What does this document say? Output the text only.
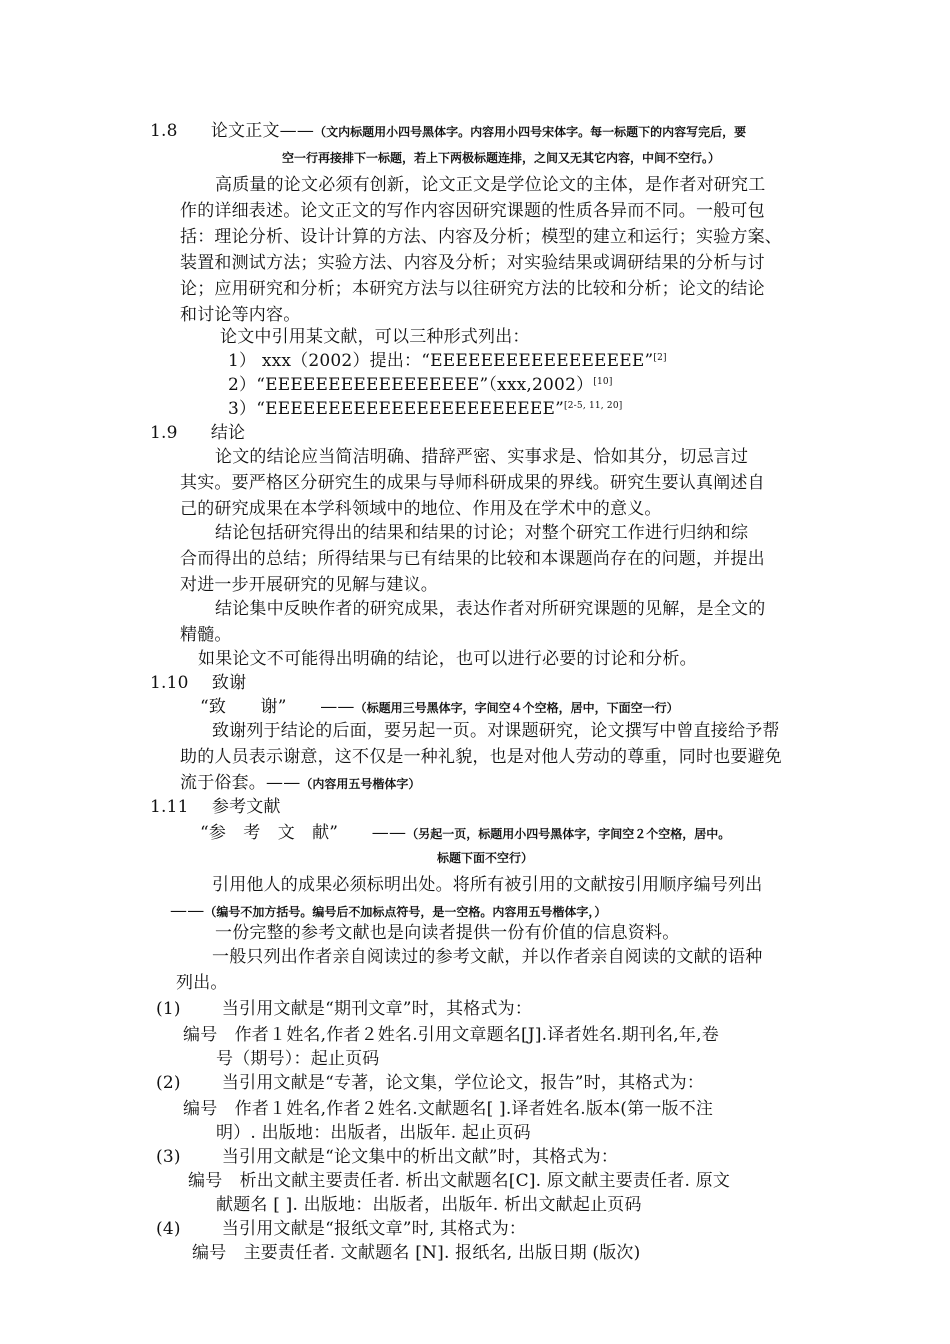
1.8 论文正文——（文内标题用小四号黑体字。内容用小四号宋体字。每一标题下的内容写完后，要
空一行再接排下一标题，若上下两极标题连排，之间又无其它内容，中间不空行。）
高质量的论文必须有创新，论文正文是学位论文的主体，是作者对研究工
作的详细表述。论文正文的写作内容因研究课题的性质各异而不同。一般可包
括：理论分析、设计计算的方法、内容及分析；模型的建立和运行；实验方案、
装置和测试方法；实验方法、内容及分析；对实验结果或调研结果的分析与讨
论；应用研究和分析；本研究方法与以往研究方法的比较和分析；论文的结论
和讨论等内容。
论文中引用某文献，可以三种形式列出：
1） xxx（2002）提出：“EEEEEEEEEEEEEEEEE”[2]
2）“EEEEEEEEEEEEEEEEE”（xxx,2002）[10]
3）“EEEEEEEEEEEEEEEEEEEEEEE”[2-5, 11, 20]
1.9 结论
论文的结论应当简洁明确、措辞严密、实事求是、恰如其分，切忌言过
其实。要严格区分研究生的成果与导师科研成果的界线。研究生要认真阐述自
己的研究成果在本学科领域中的地位、作用及在学术中的意义。
结论包括研究得出的结果和结果的讨论；对整个研究工作进行归纳和综
合而得出的总结；所得结果与已有结果的比较和本课题尚存在的问题，并提出
对进一步开展研究的见解与建议。
结论集中反映作者的研究成果，表达作者对所研究课题的见解，是全文的
精髓。
如果论文不可能得出明确的结论，也可以进行必要的讨论和分析。
1.10 致谢
“致　　谢” ——（标题用三号黑体字，字间空４个空格，居中，下面空一行）
致谢列于结论的后面，要另起一页。对课题研究，论文撰写中曾直接给予帮
助的人员表示谢意，这不仅是一种礼貌，也是对他人劳动的尊重，同时也要避免
流于俗套。——（内容用五号楷体字）
1.11 参考文献
“参　考　文　献” ——（另起一页，标题用小四号黑体字，字间空２个空格，居中。
标题下面不空行）
引用他人的成果必须标明出处。将所有被引用的文献按引用顺序编号列出
——（编号不加方括号。编号后不加标点符号，是一空格。内容用五号楷体字，）
一份完整的参考文献也是向读者提供一份有价值的信息资料。
一般只列出作者亲自阅读过的参考文献，并以作者亲自阅读的文献的语种
列出。
(1) 当引用文献是“期刊文章”时，其格式为：
编号　作者１姓名,作者２姓名.引用文章题名[J].译者姓名.期刊名,年,卷
号（期号）：起止页码
(2) 当引用文献是“专著，论文集，学位论文，报告”时，其格式为：
编号　作者１姓名,作者２姓名.文献题名[ ].译者姓名.版本(第一版不注
明）. 出版地：出版者，出版年. 起止页码
(3) 当引用文献是“论文集中的析出文献”时，其格式为：
编号　析出文献主要责任者. 析出文献题名[C]. 原文献主要责任者. 原文
献题名 [ ]. 出版地：出版者，出版年. 析出文献起止页码
(4) 当引用文献是“报纸文章”时, 其格式为：
编号　主要责任者. 文献题名 [N]. 报纸名, 出版日期 (版次)
